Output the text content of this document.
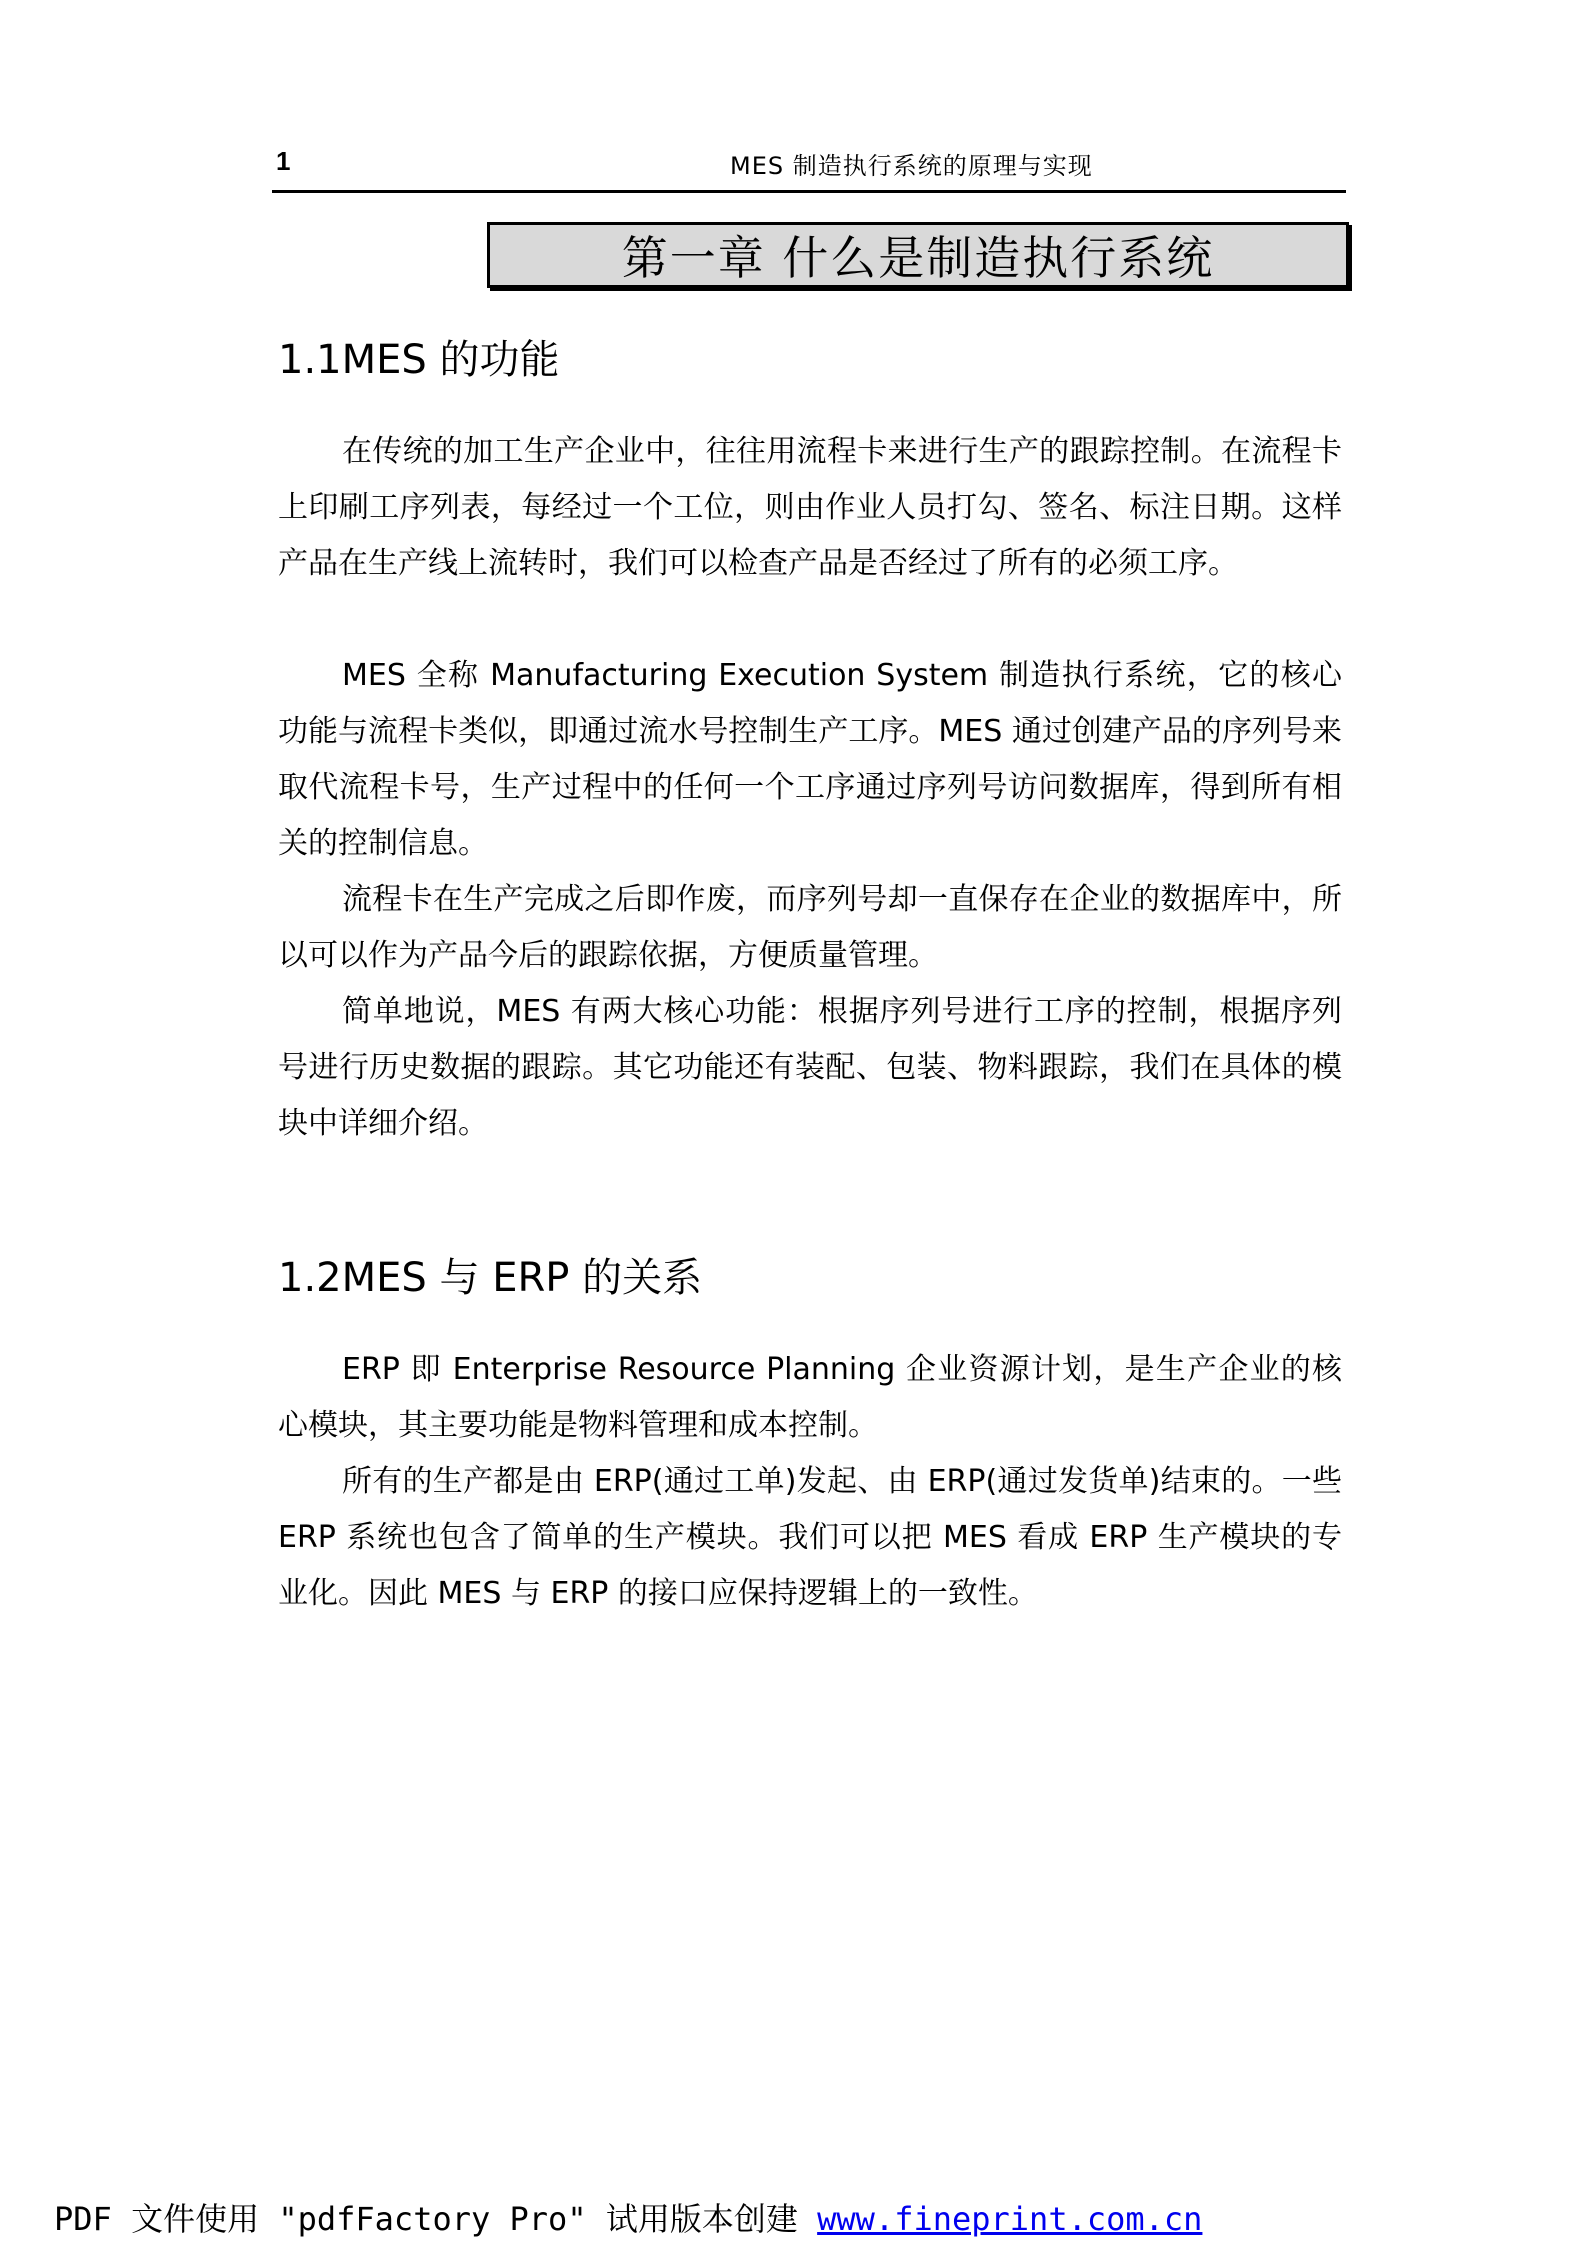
1	MES 制造执行系统的原理与实现
第一章 什么是制造执行系统
1.1MES 的功能

在传统的加工生产企业中，往往用流程卡来进行生产的跟踪控制。在流程卡上印刷工序列表，每经过一个工位，则由作业人员打勾、签名、标注日期。这样产品在生产线上流转时，我们可以检查产品是否经过了所有的必须工序。

MES 全称 Manufacturing Execution System 制造执行系统，它的核心功能与流程卡类似，即通过流水号控制生产工序。MES 通过创建产品的序列号来取代流程卡号，生产过程中的任何一个工序通过序列号访问数据库，得到所有相关的控制信息。

流程卡在生产完成之后即作废，而序列号却一直保存在企业的数据库中，所以可以作为产品今后的跟踪依据，方便质量管理。

简单地说，MES 有两大核心功能：根据序列号进行工序的控制，根据序列号进行历史数据的跟踪。其它功能还有装配、包装、物料跟踪，我们在具体的模块中详细介绍。

1.2MES 与 ERP 的关系

ERP 即 Enterprise Resource Planning 企业资源计划，是生产企业的核心模块，其主要功能是物料管理和成本控制。

所有的生产都是由 ERP(通过工单)发起、由 ERP(通过发货单)结束的。一些 ERP 系统也包含了简单的生产模块。我们可以把 MES 看成 ERP 生产模块的专业化。因此 MES 与 ERP 的接口应保持逻辑上的一致性。

PDF 文件使用 "pdfFactory Pro" 试用版本创建 www.fineprint.com.cn
